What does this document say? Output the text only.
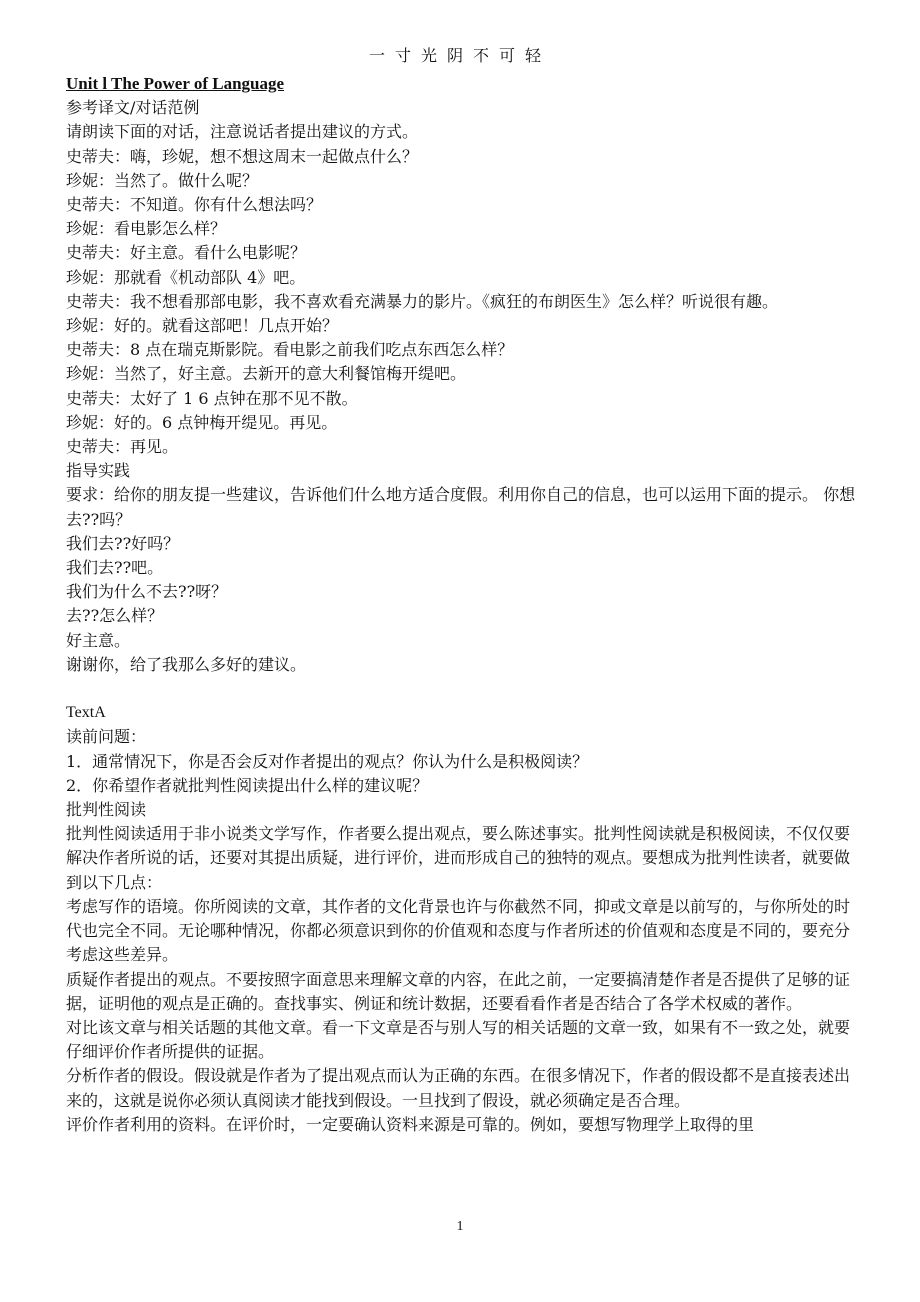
一寸光阴不可轻

Unit l The Power of Language

参考译文/对话范例

请朗读下面的对话，注意说话者提出建议的方式。

史蒂夫：嗨，珍妮，想不想这周末一起做点什么？

珍妮：当然了。做什么呢？

史蒂夫：不知道。你有什么想法吗？

珍妮：看电影怎么样？

史蒂夫：好主意。看什么电影呢？

珍妮：那就看《机动部队 4》吧。

史蒂夫：我不想看那部电影，我不喜欢看充满暴力的影片。《疯狂的布朗医生》怎么样？听说很有趣。

珍妮：好的。就看这部吧！几点开始？

史蒂夫：8 点在瑞克斯影院。看电影之前我们吃点东西怎么样？

珍妮：当然了，好主意。去新开的意大利餐馆梅开缇吧。

史蒂夫：太好了 1 6 点钟在那不见不散。

珍妮：好的。6 点钟梅开缇见。再见。

史蒂夫：再见。

指导实践

要求：给你的朋友提一些建议，告诉他们什么地方适合度假。利用你自己的信息，也可以运用下面的提示。 你想去??吗？

我们去??好吗？

我们去??吧。

我们为什么不去??呀？

去??怎么样？

好主意。

谢谢你，给了我那么多好的建议。

TextA

读前问题：

1．通常情况下，你是否会反对作者提出的观点？你认为什么是积极阅读？

2．你希望作者就批判性阅读提出什么样的建议呢？

批判性阅读

批判性阅读适用于非小说类文学写作，作者要么提出观点，要么陈述事实。批判性阅读就是积极阅读，不仅仅要解决作者所说的话，还要对其提出质疑，进行评价，进而形成自己的独特的观点。要想成为批判性读者，就要做到以下几点：

考虑写作的语境。你所阅读的文章，其作者的文化背景也许与你截然不同，抑或文章是以前写的，与你所处的时代也完全不同。无论哪种情况，你都必须意识到你的价值观和态度与作者所述的价值观和态度是不同的，要充分考虑这些差异。

质疑作者提出的观点。不要按照字面意思来理解文章的内容，在此之前，一定要搞清楚作者是否提供了足够的证据，证明他的观点是正确的。查找事实、例证和统计数据，还要看看作者是否结合了各学术权威的著作。

对比该文章与相关话题的其他文章。看一下文章是否与别人写的相关话题的文章一致，如果有不一致之处，就要仔细评价作者所提供的证据。

分析作者的假设。假设就是作者为了提出观点而认为正确的东西。在很多情况下，作者的假设都不是直接表述出来的，这就是说你必须认真阅读才能找到假设。一旦找到了假设，就必须确定是否合理。

评价作者利用的资料。在评价时，一定要确认资料来源是可靠的。例如，要想写物理学上取得的里

1
